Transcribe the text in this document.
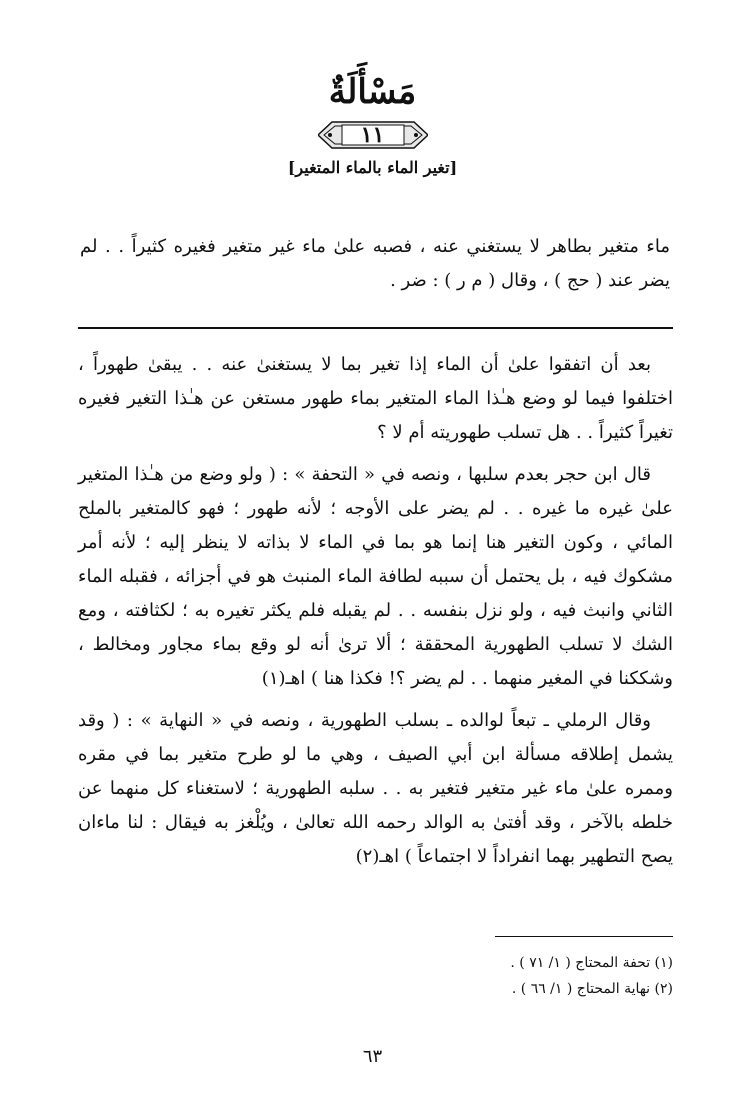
مَسْأَلَةٌ
١١
[تغير الماء بالماء المتغير]
ماء متغير بطاهر لا يستغني عنه ، فصبه علىٰ ماء غير متغير فغيره كثيراً . . لم يضر عند ( حج ) ، وقال ( م ر ) : ضر .

بعد أن اتفقوا علىٰ أن الماء إذا تغير بما لا يستغنىٰ عنه . . يبقىٰ طهوراً ، اختلفوا فيما لو وضع هـٰذا الماء المتغير بماء طهور مستغن عن هـٰذا التغير فغيره تغيراً كثيراً . . هل تسلب طهوريته أم لا ؟

قال ابن حجر بعدم سلبها ، ونصه في « التحفة » : ( ولو وضع من هـٰذا المتغير علىٰ غيره ما غيره . . لم يضر على الأوجه ؛ لأنه طهور ؛ فهو كالمتغير بالملح المائي ، وكون التغير هنا إنما هو بما في الماء لا بذاته لا ينظر إليه ؛ لأنه أمر مشكوك فيه ، بل يحتمل أن سببه لطافة الماء المنبث هو في أجزائه ، فقبله الماء الثاني وانبث فيه ، ولو نزل بنفسه . . لم يقبله فلم يكثر تغيره به ؛ لكثافته ، ومع الشك لا تسلب الطهورية المحققة ؛ ألا ترىٰ أنه لو وقع بماء مجاور ومخالط ، وشككنا في المغير منهما . . لم يضر ؟! فكذا هنا ) اهـ(١)

وقال الرملي ـ تبعاً لوالده ـ بسلب الطهورية ، ونصه في « النهاية » : ( وقد يشمل إطلاقه مسألة ابن أبي الصيف ، وهي ما لو طرح متغير بما في مقره وممره علىٰ ماء غير متغير فتغير به . . سلبه الطهورية ؛ لاستغناء كل منهما عن خلطه بالآخر ، وقد أفتىٰ به الوالد رحمه الله تعالىٰ ، ويُلْغز به فيقال : لنا ماءان يصح التطهير بهما انفراداً لا اجتماعاً ) اهـ(٢)

(١) تحفة المحتاج ( ١/ ٧١ ) .
(٢) نهاية المحتاج ( ١/ ٦٦ ) .
٦٣
